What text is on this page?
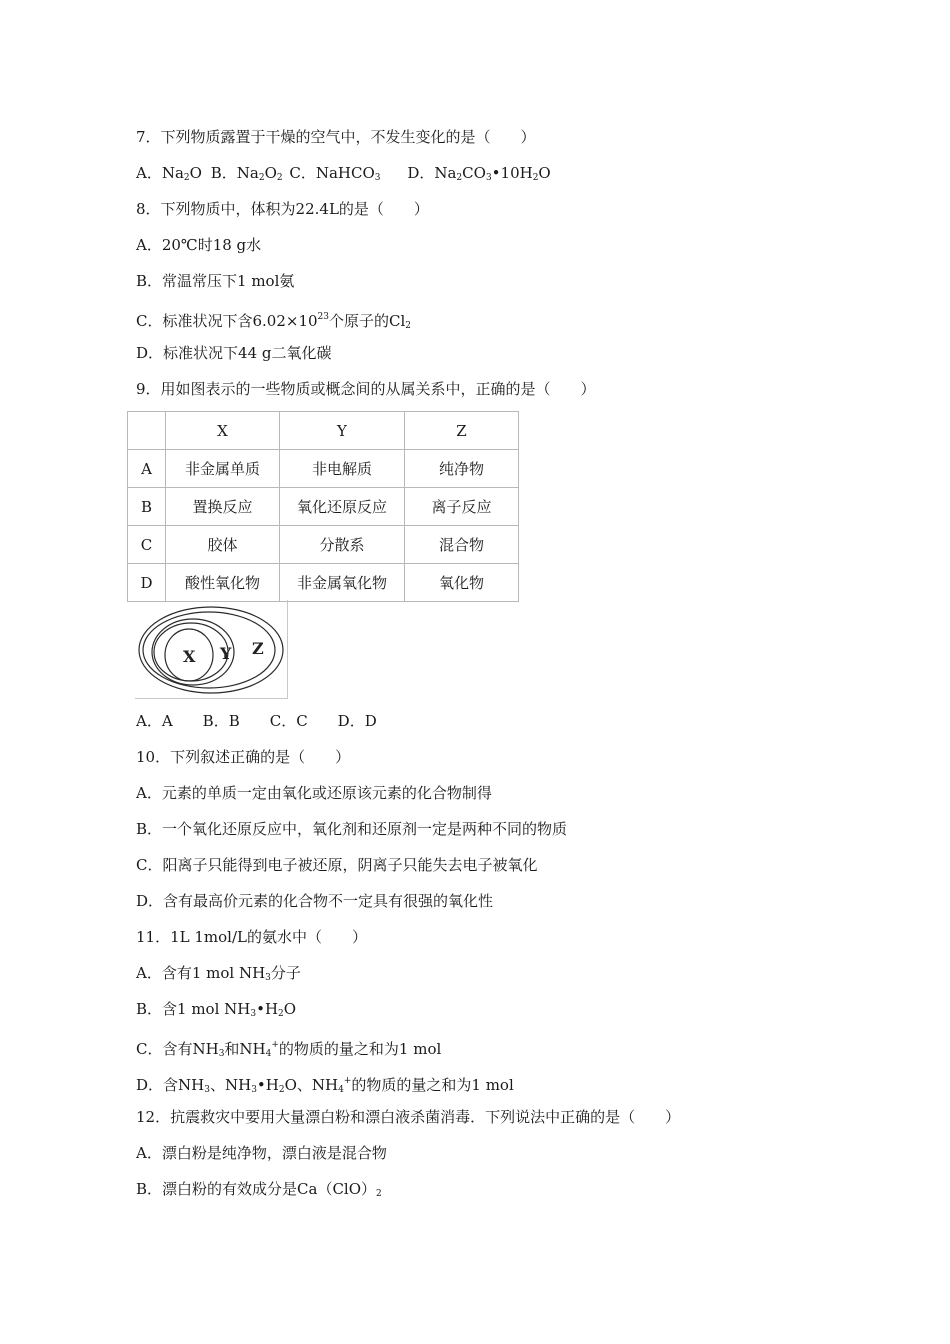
7．下列物质露置于干燥的空气中，不发生变化的是（　　）
A．$Na_2O$ B．$Na_2O_2$ C．NaHCO$_3$ D．$Na_2CO_3•10H_2O$
8．下列物质中，体积为22.4L的是（　　）
A．20℃时18 g水
B．常温常压下1 mol氨
C．标准状况下含$6.02\times 10^{23}$个原子的$Cl_2$
D．标准状况下44 g二氧化碳
9．用如图表示的一些物质或概念间的从属关系中，正确的是（　　）
	X	Y	Z
A	非金属单质	非电解质	纯净物
B	置换反应	氧化还原反应	离子反应
C	胶体	分散系	混合物
D	酸性氧化物	非金属氧化物	氧化物
X Y Z
A．A　　B．B　　C．C　　D．D
10．下列叙述正确的是（　　）
A．元素的单质一定由氧化或还原该元素的化合物制得
B．一个氧化还原反应中，氧化剂和还原剂一定是两种不同的物质
C．阳离子只能得到电子被还原，阴离子只能失去电子被氧化
D．含有最高价元素的化合物不一定具有很强的氧化性
11．1L 1mol/L的氨水中（　　）
A．含有1 mol $NH_3$分子
B．含1 mol $NH_3•H_2O$
C．含有$NH_3$和$NH_4^+$的物质的量之和为1 mol
D．含$NH_3$、$NH_3•H_2O$、$NH_4^+$的物质的量之和为1 mol
12．抗震救灾中要用大量漂白粉和漂白液杀菌消毒．下列说法中正确的是（　　）
A．漂白粉是纯净物，漂白液是混合物
B．漂白粉的有效成分是$Ca(ClO)_2$
